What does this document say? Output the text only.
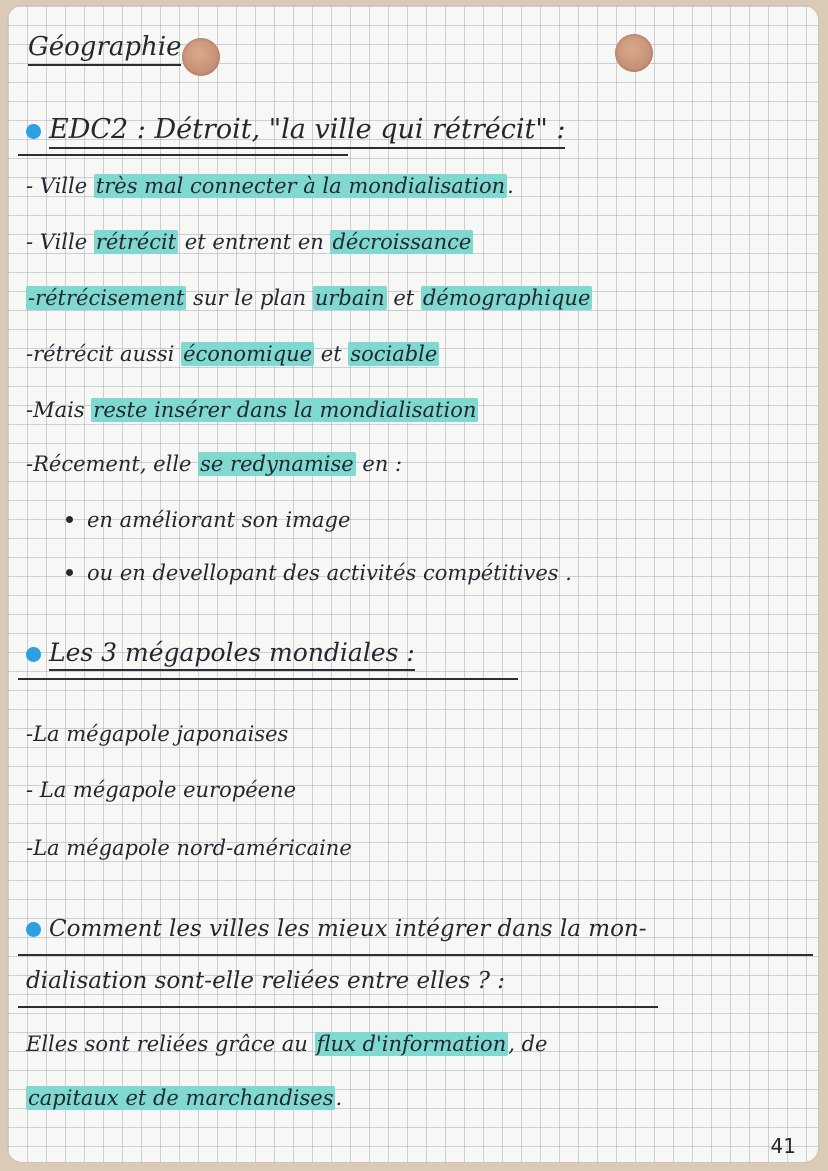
Géographie
EDC2 : Détroit, "la ville qui rétrécit" :
- Ville très mal connecter à la mondialisation.
- Ville rétrécit et entrent en décroissance
-rétrécisement sur le plan urbain et démographique
-rétrécit aussi économique et sociable
-Mais reste insérer dans la mondialisation
-Récement, elle se redynamise en :
en améliorant son image
ou en devellopant des activités compétitives .
Les 3 mégapoles mondiales :
-La mégapole japonaises
- La mégapole européene
-La mégapole nord-américaine
Comment les villes les mieux intégrer dans la mon-
dialisation sont-elle reliées entre elles ? :
Elles sont reliées grâce au flux d'information, de
capitaux et de marchandises.
41
